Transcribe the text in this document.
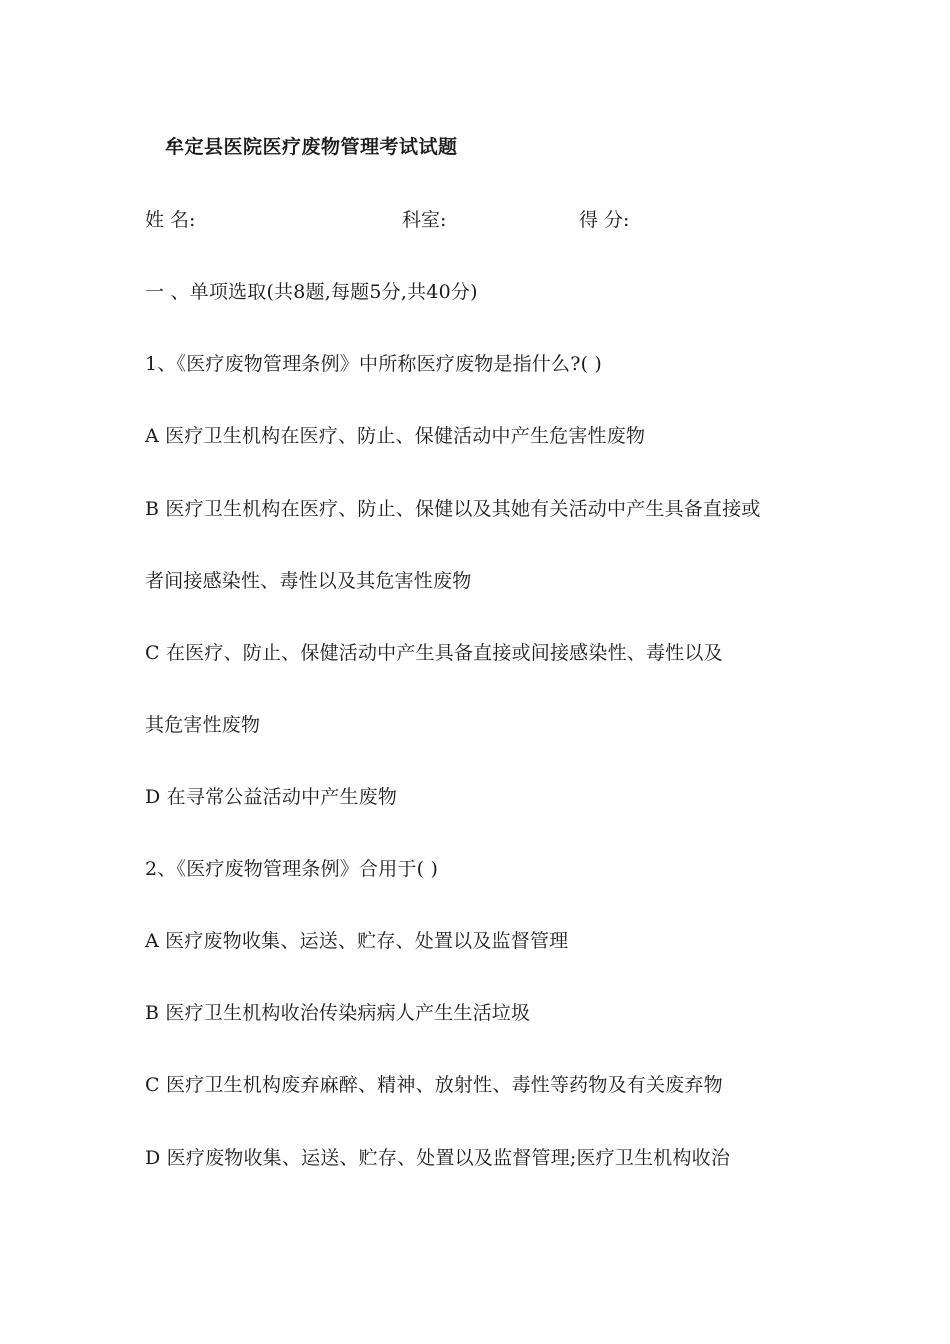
牟定县医院医疗废物管理考试试题
姓 名:	科室:	得 分:
一 、单项选取(共8题,每题5分,共40分)
1、《医疗废物管理条例》中所称医疗废物是指什么?( )
A 医疗卫生机构在医疗、防止、保健活动中产生危害性废物
B 医疗卫生机构在医疗、防止、保健以及其她有关活动中产生具备直接或
者间接感染性、毒性以及其危害性废物
C 在医疗、防止、保健活动中产生具备直接或间接感染性、毒性以及
其危害性废物
D 在寻常公益活动中产生废物
2、《医疗废物管理条例》合用于( )
A 医疗废物收集、运送、贮存、处置以及监督管理
B 医疗卫生机构收治传染病病人产生生活垃圾
C 医疗卫生机构废弃麻醉、精神、放射性、毒性等药物及有关废弃物
D 医疗废物收集、运送、贮存、处置以及监督管理;医疗卫生机构收治
